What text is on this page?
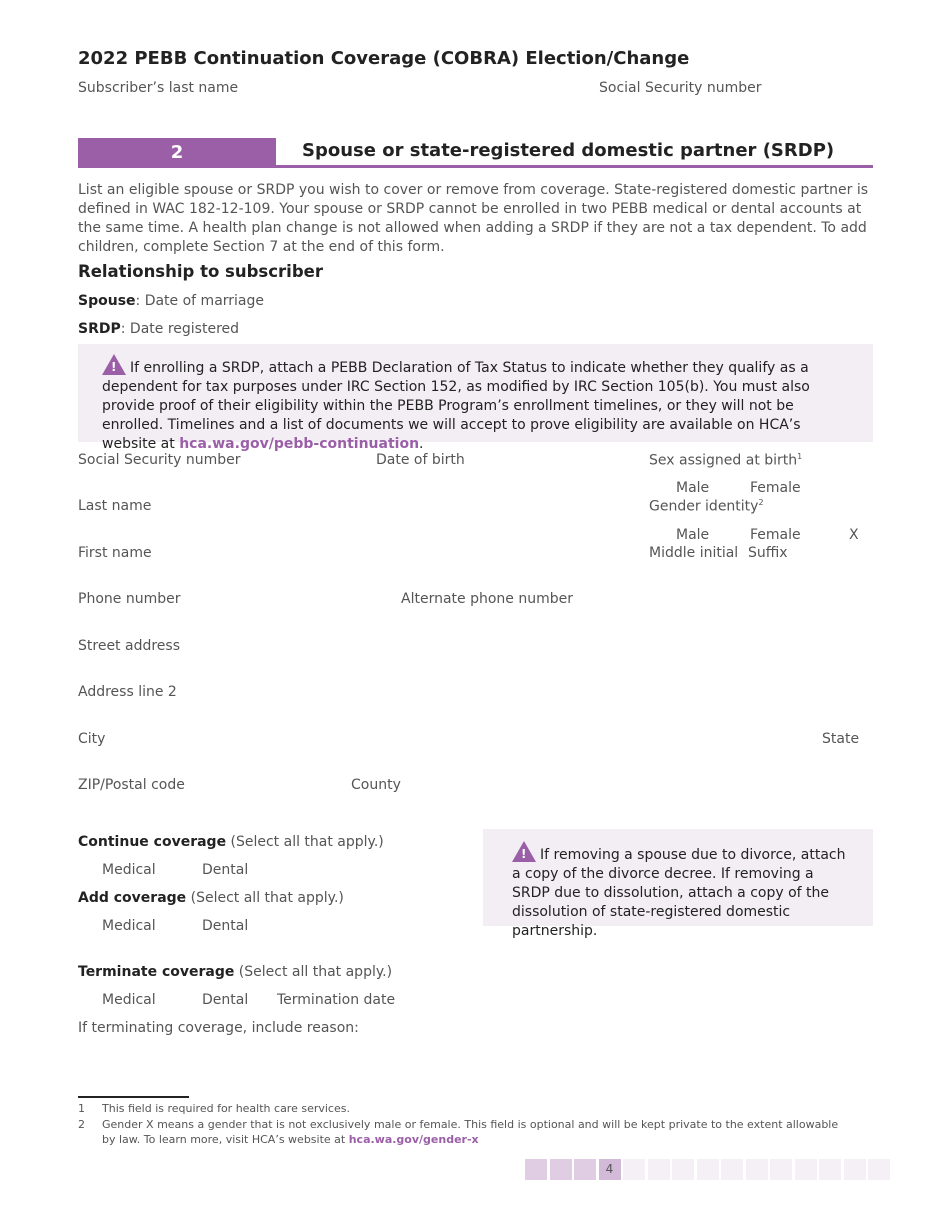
2022 PEBB Continuation Coverage (COBRA) Election/Change
Subscriber’s last name	Social Security number
2	Spouse or state-registered domestic partner (SRDP)
List an eligible spouse or SRDP you wish to cover or remove from coverage. State-registered domestic partner is defined in WAC 182-12-109. Your spouse or SRDP cannot be enrolled in two PEBB medical or dental accounts at the same time. A health plan change is not allowed when adding a SRDP if they are not a tax dependent. To add children, complete Section 7 at the end of this form.
Relationship to subscriber
Spouse: Date of marriage
SRDP: Date registered
! If enrolling a SRDP, attach a PEBB Declaration of Tax Status to indicate whether they qualify as a dependent for tax purposes under IRC Section 152, as modified by IRC Section 105(b). You must also provide proof of their eligibility within the PEBB Program’s enrollment timelines, or they will not be enrolled. Timelines and a list of documents we will accept to prove eligibility are available on HCA’s website at hca.wa.gov/pebb-continuation.
Social Security number	Date of birth	Sex assigned at birth$^1$
Male	Female
Last name	Gender identity$^2$
Male	Female	X
First name	Middle initial Suffix
Phone number	Alternate phone number
Street address
Address line 2
City	State
ZIP/Postal code	County
Continue coverage (Select all that apply.)
Medical	Dental
Add coverage (Select all that apply.)
Medical	Dental
Terminate coverage (Select all that apply.)
Medical	Dental Termination date
If terminating coverage, include reason:
! If removing a spouse due to divorce, attach a copy of the divorce decree. If removing a SRDP due to dissolution, attach a copy of the dissolution of state-registered domestic partnership.
1 This field is required for health care services.
2 Gender X means a gender that is not exclusively male or female. This field is optional and will be kept private to the extent allowable by law. To learn more, visit HCA’s website at hca.wa.gov/gender-x
4
